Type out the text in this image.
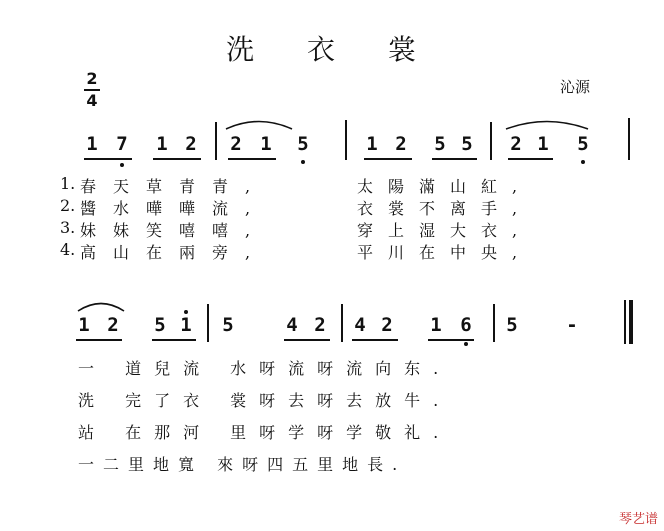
洗 衣 裳
沁源
2
4
1 7 1 2 2 1 5	1 2 5 5 2 1 5
1. 春天草青青,	太陽滿山紅,
2. 醬水嘩嘩流,	衣裳不离手,
3. 妹妹笑嘻嘻,	穿上湿大衣,
4. 高山在兩旁,	平川在中央,
1 2 5 1 5	4 2 4 2 1 6 5	-
一 道兒流 水呀流呀流向东.
洗 完了衣 裳呀去呀去放牛.
站 在那河 里呀学呀学敬礼.
一二里地寬 來呀四五里地長.
琴艺谱
